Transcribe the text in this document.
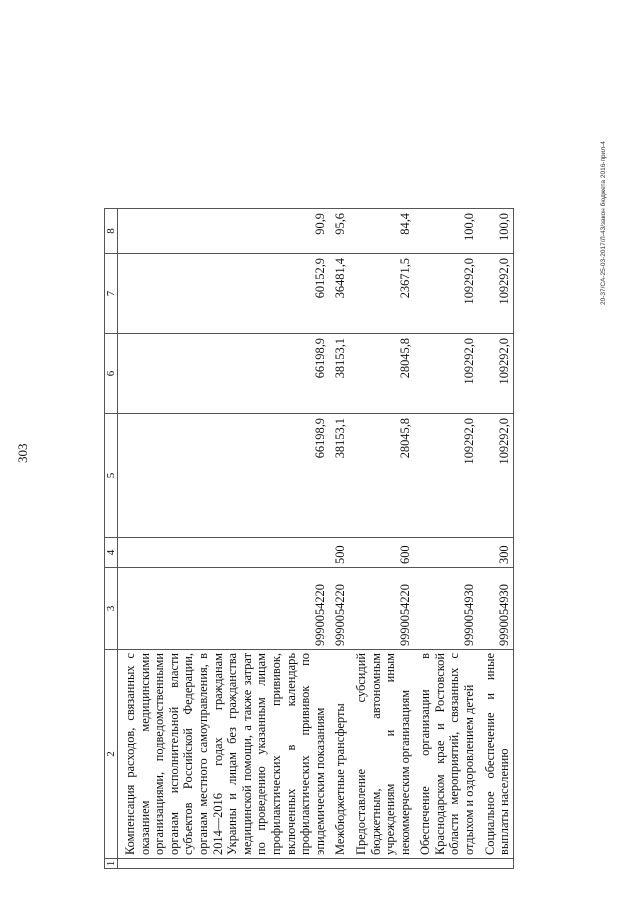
303
1	2	3	4	5	6	7	8
	Компенсация расходов, связанных с оказанием медицинскими организациями, подведомственными органам исполнительной власти субъектов Российской Федерации, органам местного самоуправления, в 2014—2016 годах гражданам Украины и лицам без гражданства медицинской помощи, а также затрат по проведению указанным лицам профилактических прививок, включенных в календарь профилактических прививок по эпидемическим показаниям	9990054220		66198,9	66198,9	60152,9	90,9
	Межбюджетные трансферты	9990054220	500	38153,1	38153,1	36481,4	95,6
	Предоставление субсидий бюджетным, автономным учреждениям и иным некоммерческим организациям	9990054220	600	28045,8	28045,8	23671,5	84,4
	Обеспечение организации в Краснодарском крае и Ростовской области мероприятий, связанных с отдыхом и оздоровлением детей	9990054930		109292,0	109292,0	109292,0	100,0
	Социальное обеспечение и иные выплаты населению	9990054930	300	109292,0	109292,0	109292,0	100,0	20-37/СА-25-03-2017/Л-43/закон бюджета 2016-прил-4
